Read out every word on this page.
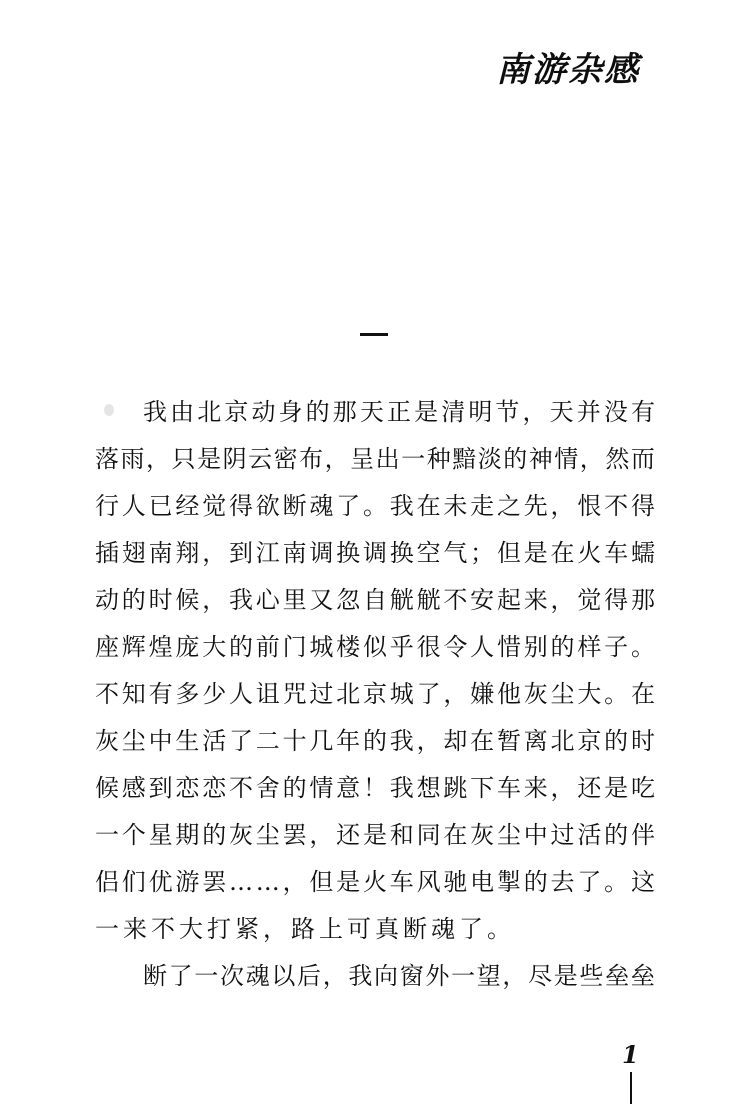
南游杂感
我 由 北 京 动 身 的 那 天 正 是 清 明 节 ， 天 并 没 有
落 雨 ， 只 是 阴 云 密 布 ， 呈 出 一 种 黯 淡 的 神 情 ， 然 而
行 人 已 经 觉 得 欲 断 魂 了 。 我 在 未 走 之 先 ， 恨 不 得
插 翅 南 翔 ， 到 江 南 调 换 调 换 空 气 ； 但 是 在 火 车 蠕
动 的 时 候 ， 我 心 里 又 忽 自 觥 觥 不 安 起 来 ， 觉 得 那
座 辉 煌 庞 大 的 前 门 城 楼 似 乎 很 令 人 惜 别 的 样 子 。
不 知 有 多 少 人 诅 咒 过 北 京 城 了 ， 嫌 他 灰 尘 大 。 在
灰 尘 中 生 活 了 二 十 几 年 的 我 ， 却 在 暂 离 北 京 的 时
候 感 到 恋 恋 不 舍 的 情 意 ！ 我 想 跳 下 车 来 ， 还 是 吃
一 个 星 期 的 灰 尘 罢 ， 还 是 和 同 在 灰 尘 中 过 活 的 伴
侣 们 优 游 罢 … … ， 但 是 火 车 风 驰 电 掣 的 去 了 。 这
一 来 不 大 打 紧 ， 路 上 可 真 断 魂 了 。
断 了 一 次 魂 以 后 ， 我 向 窗 外 一 望 ， 尽 是 些 垒 垒
1
